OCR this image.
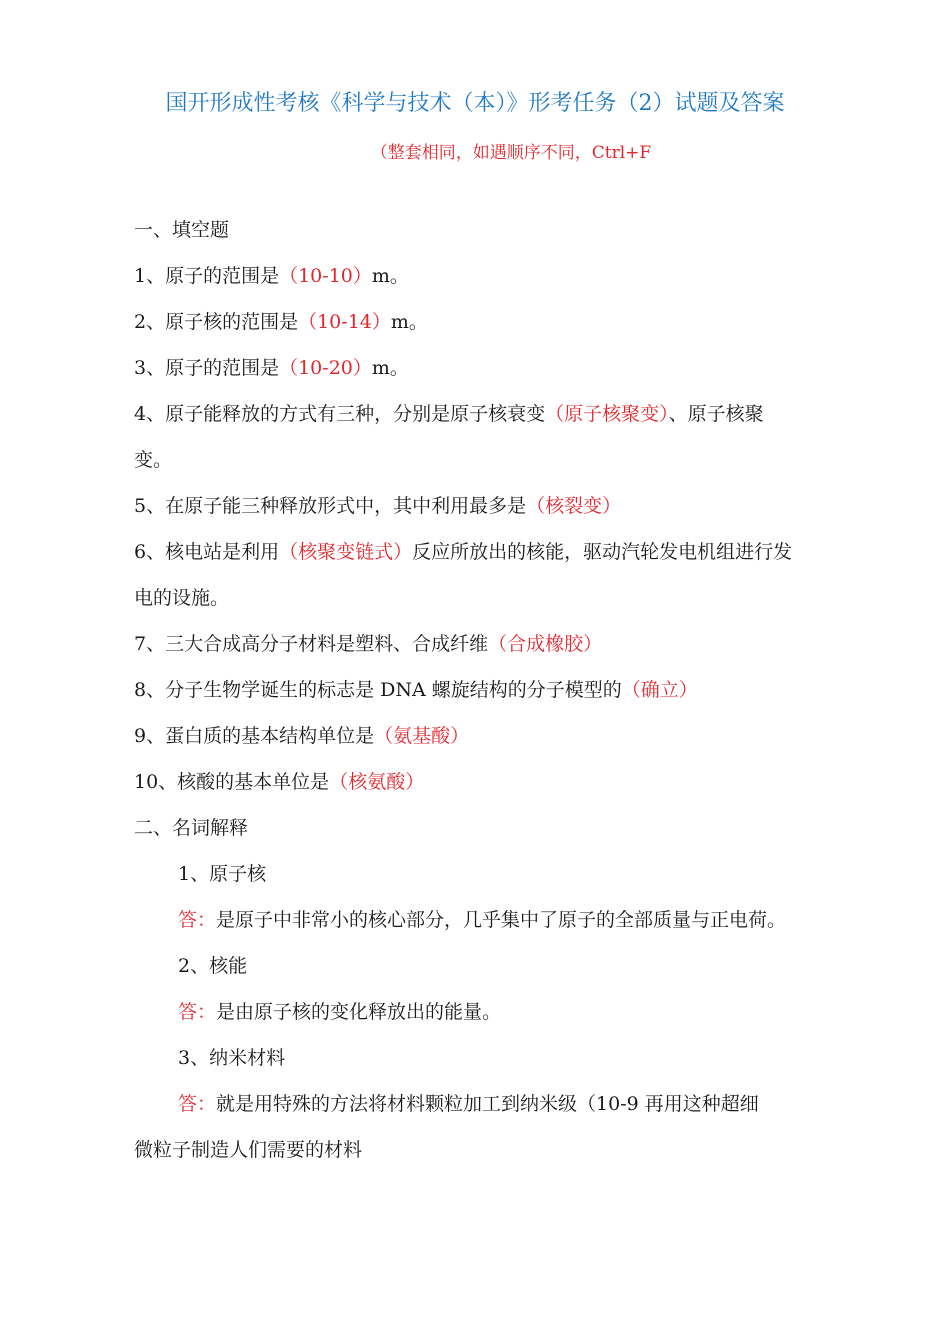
国开形成性考核《科学与技术（本）》形考任务（2）试题及答案
（整套相同，如遇顺序不同，Ctrl+F
一、填空题
1、原子的范围是（10-10）m。
2、原子核的范围是（10-14）m。
3、原子的范围是（10-20）m。
4、原子能释放的方式有三种，分别是原子核衰变（原子核聚变）、原子核聚
变。
5、在原子能三种释放形式中，其中利用最多是（核裂变）
6、核电站是利用（核聚变链式）反应所放出的核能，驱动汽轮发电机组进行发
电的设施。
7、三大合成高分子材料是塑料、合成纤维（合成橡胶）
8、分子生物学诞生的标志是 DNA 螺旋结构的分子模型的（确立）
9、蛋白质的基本结构单位是（氨基酸）
10、核酸的基本单位是（核氨酸）
二、名词解释
1、原子核
答：是原子中非常小的核心部分，几乎集中了原子的全部质量与正电荷。
2、核能
答：是由原子核的变化释放出的能量。
3、纳米材料
答：就是用特殊的方法将材料颗粒加工到纳米级（10-9 再用这种超细
微粒子制造人们需要的材料
